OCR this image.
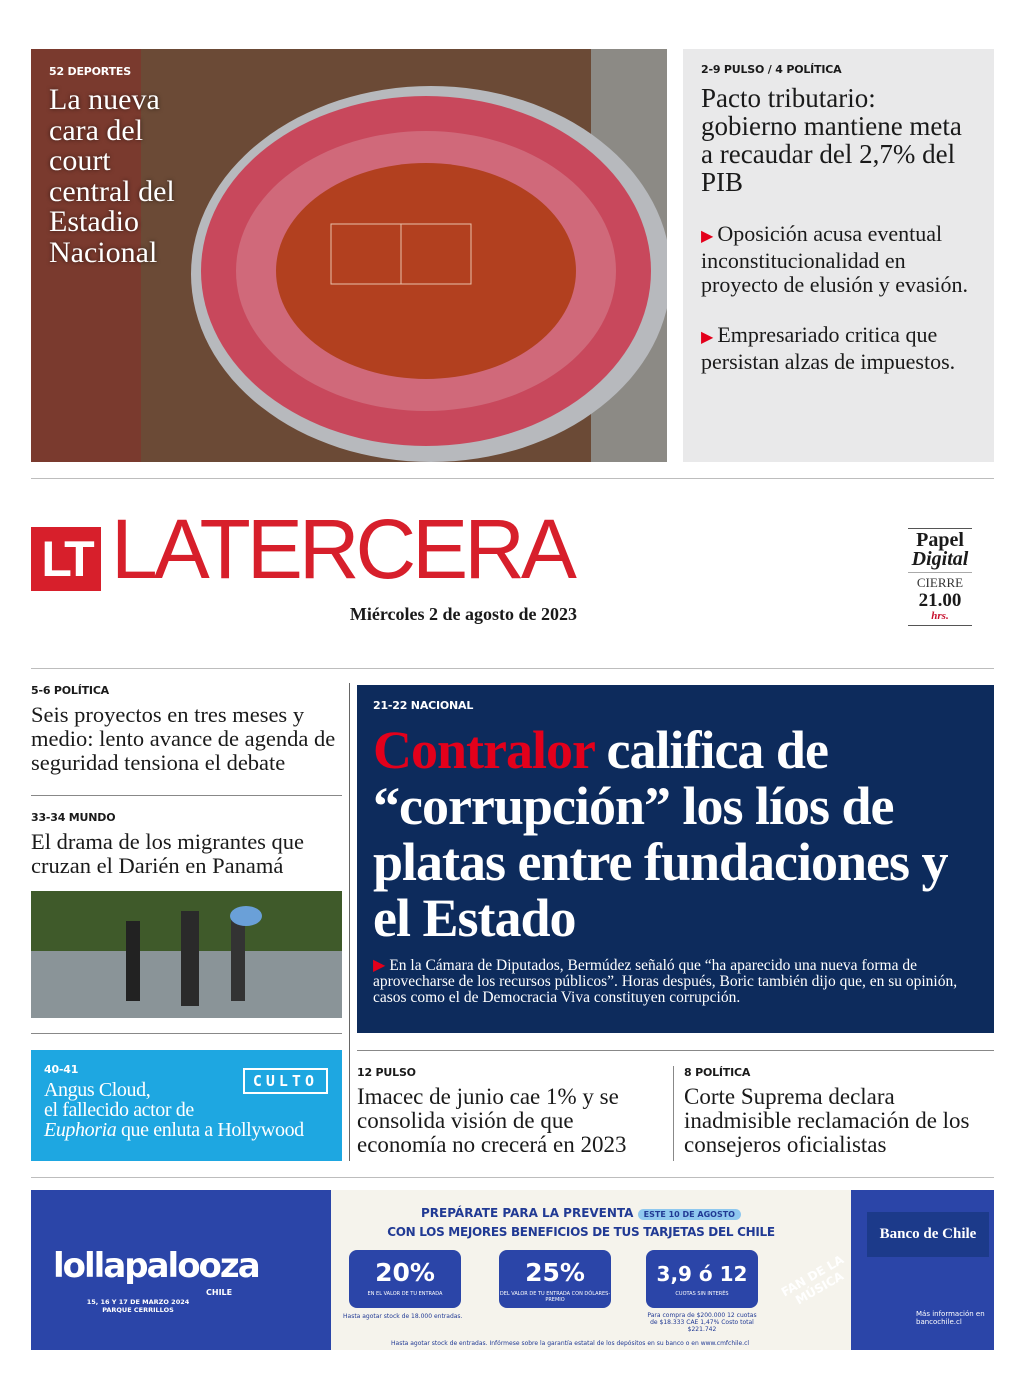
52 DEPORTES
La nueva cara del court central del Estadio Nacional
2-9 PULSO / 4 POLÍTICA
Pacto tributario: gobierno mantiene meta a recaudar del 2,7% del PIB
▶ Oposición acusa eventual inconstitucionalidad en proyecto de elusión y evasión.
▶ Empresariado critica que persistan alzas de impuestos.
LT LATERCERA
Miércoles 2 de agosto de 2023
Papel
Digital
CIERRE
21.00
hrs.
5-6 POLÍTICA
Seis proyectos en tres meses y medio: lento avance de agenda de seguridad tensiona el debate
33-34 MUNDO
El drama de los migrantes que cruzan el Darién en Panamá
40-41
CULTO
Angus Cloud,
el fallecido actor de
Euphoria que enluta a Hollywood
21-22 NACIONAL
Contralor califica de “corrupción” los líos de platas entre fundaciones y el Estado
▶ En la Cámara de Diputados, Bermúdez señaló que “ha aparecido una nueva forma de aprovecharse de los recursos públicos”. Horas después, Boric también dijo que, en su opinión, casos como el de Democracia Viva constituyen corrupción.
12 PULSO
Imacec de junio cae 1% y se consolida visión de que economía no crecerá en 2023
8 POLÍTICA
Corte Suprema declara inadmisible reclamación de los consejeros oficialistas
lollapalooza
CHILE
15, 16 Y 17 DE MARZO 2024
PARQUE CERRILLOS
PREPÁRATE PARA LA PREVENTA ESTE 10 DE AGOSTO
CON LOS MEJORES BENEFICIOS DE TUS TARJETAS DEL CHILE
20%
EN EL VALOR DE TU ENTRADA
25%
DEL VALOR DE TU ENTRADA CON DÓLARES-PREMIO
3,9 ó 12
CUOTAS SIN INTERÉS
Hasta agotar stock de 18.000 entradas.	Para compra de $200.000 12 cuotas de $18.333 CAE 1,47% Costo total $221.742
Hasta agotar stock de entradas. Infórmese sobre la garantía estatal de los depósitos en su banco o en www.cmfchile.cl
FAN DE LA MÚSICA
Banco de Chile
Más información en bancochile.cl
